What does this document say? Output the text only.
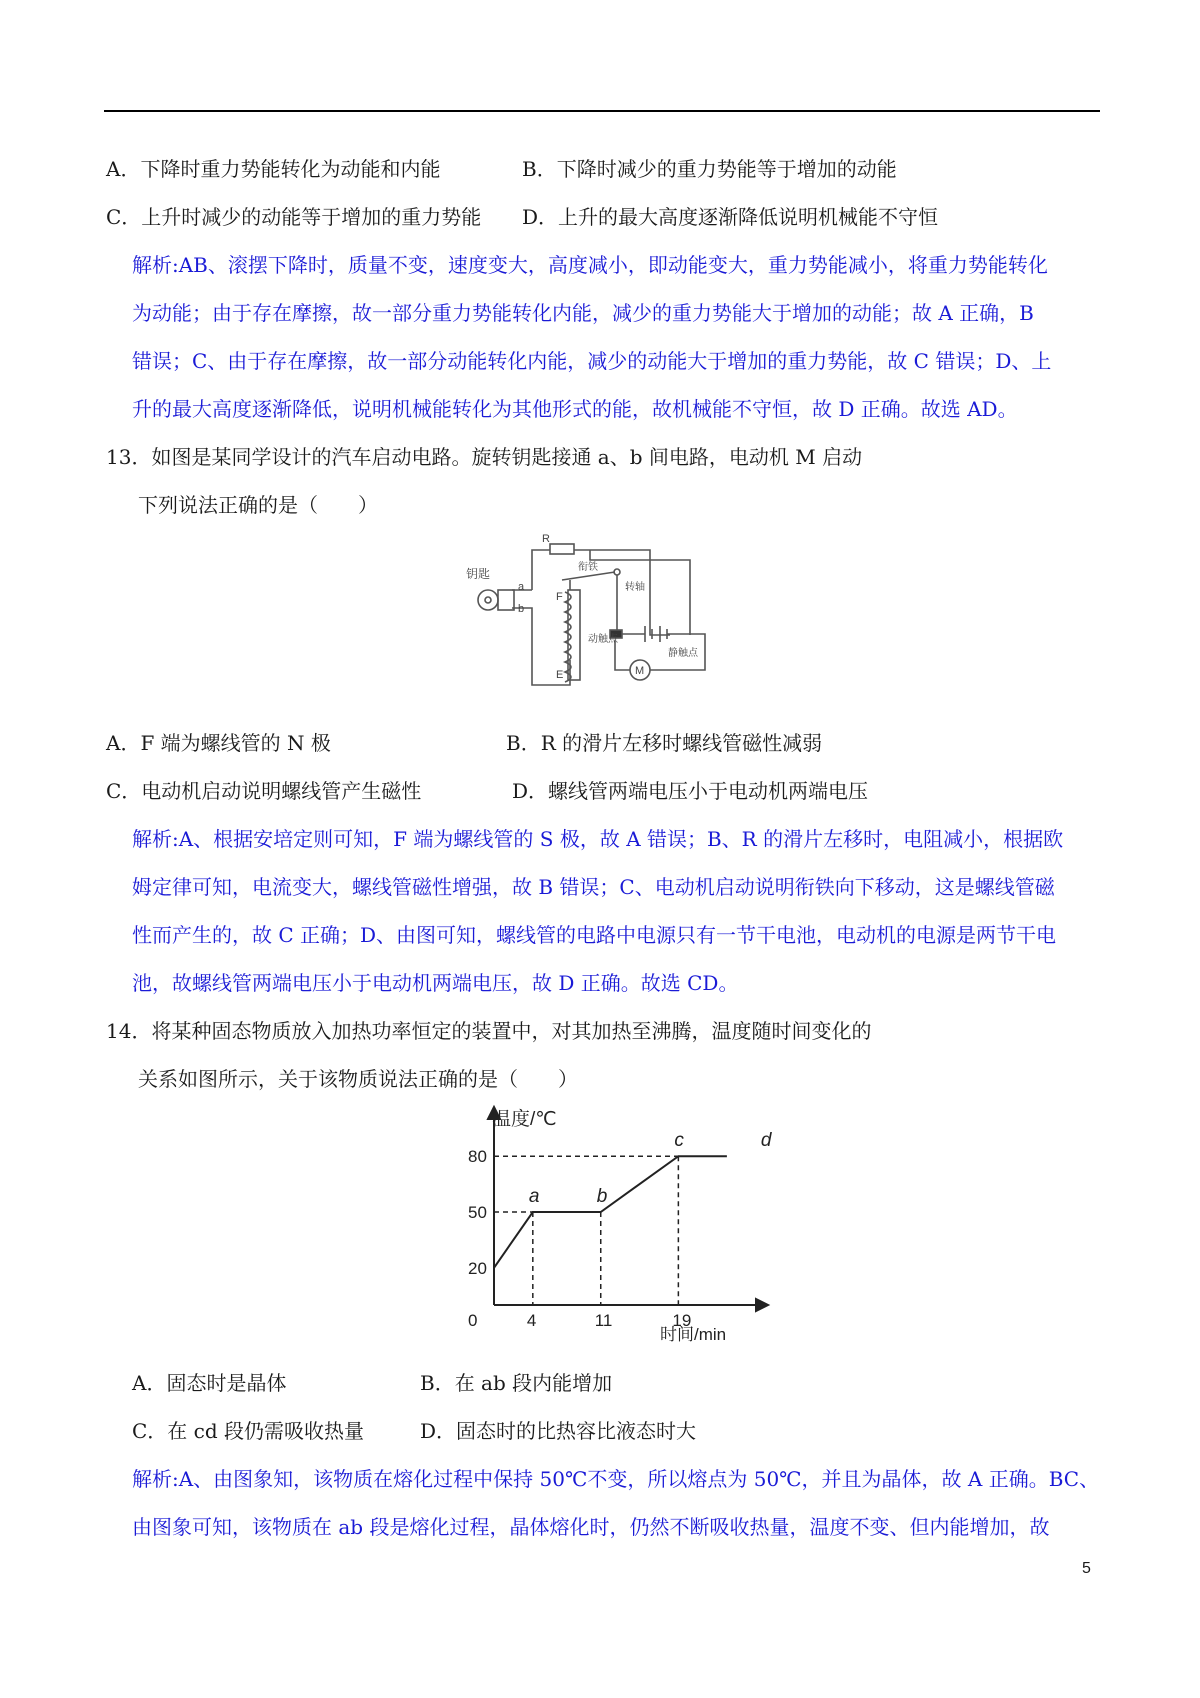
A．下降时重力势能转化为动能和内能	B．下降时减少的重力势能等于增加的动能
C．上升时减少的动能等于增加的重力势能 D．上升的最大高度逐渐降低说明机械能不守恒
解析:AB、滚摆下降时，质量不变，速度变大，高度减小，即动能变大，重力势能减小，将重力势能转化
为动能；由于存在摩擦，故一部分重力势能转化内能，减少的重力势能大于增加的动能；故 A 正确，B
错误；C、由于存在摩擦，故一部分动能转化内能，减少的动能大于增加的重力势能，故 C 错误；D、上
升的最大高度逐渐降低，说明机械能转化为其他形式的能，故机械能不守恒，故 D 正确。故选 AD。
13．如图是某同学设计的汽车启动电路。旋转钥匙接通 a、b 间电路，电动机 M 启动
下列说法正确的是（　　）
R
钥匙
a
b
F
E
衔铁
转轴
动触点
静触点
M
A．F 端为螺线管的 N 极	B．R 的滑片左移时螺线管磁性减弱
C．电动机启动说明螺线管产生磁性	D．螺线管两端电压小于电动机两端电压
解析:A、根据安培定则可知，F 端为螺线管的 S 极，故 A 错误；B、R 的滑片左移时，电阻减小，根据欧
姆定律可知，电流变大，螺线管磁性增强，故 B 错误；C、电动机启动说明衔铁向下移动，这是螺线管磁
性而产生的，故 C 正确；D、由图可知，螺线管的电路中电源只有一节干电池，电动机的电源是两节干电
池，故螺线管两端电压小于电动机两端电压，故 D 正确。故选 CD。
14．将某种固态物质放入加热功率恒定的装置中，对其加热至沸腾，温度随时间变化的
关系如图所示，关于该物质说法正确的是（　　）
4	11	19
20
50
80
a	b
c	d
温度/℃
时间/min
0
A．固态时是晶体	B．在 ab 段内能增加
C．在 cd 段仍需吸收热量	D．固态时的比热容比液态时大
解析:A、由图象知，该物质在熔化过程中保持 50℃不变，所以熔点为 50℃，并且为晶体，故 A 正确。BC、
由图象可知，该物质在 ab 段是熔化过程，晶体熔化时，仍然不断吸收热量，温度不变、但内能增加，故
5
